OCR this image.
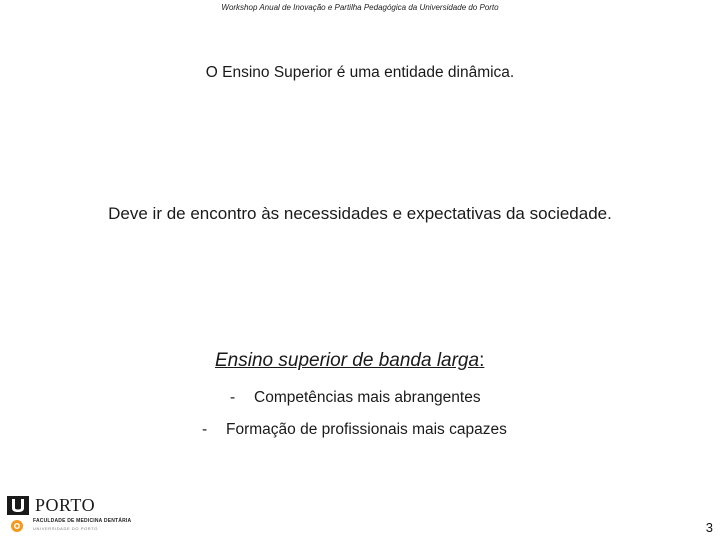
Workshop Anual de Inovação e Partilha Pedagógica da Universidade do Porto
O Ensino Superior é uma entidade dinâmica.
Deve ir de encontro às necessidades e expectativas da sociedade.
Ensino superior de banda larga:
- Competências mais abrangentes
- Formação de profissionais mais capazes
PORTO
FACULDADE DE MEDICINA DENTÁRIA
UNIVERSIDADE DO PORTO	3
